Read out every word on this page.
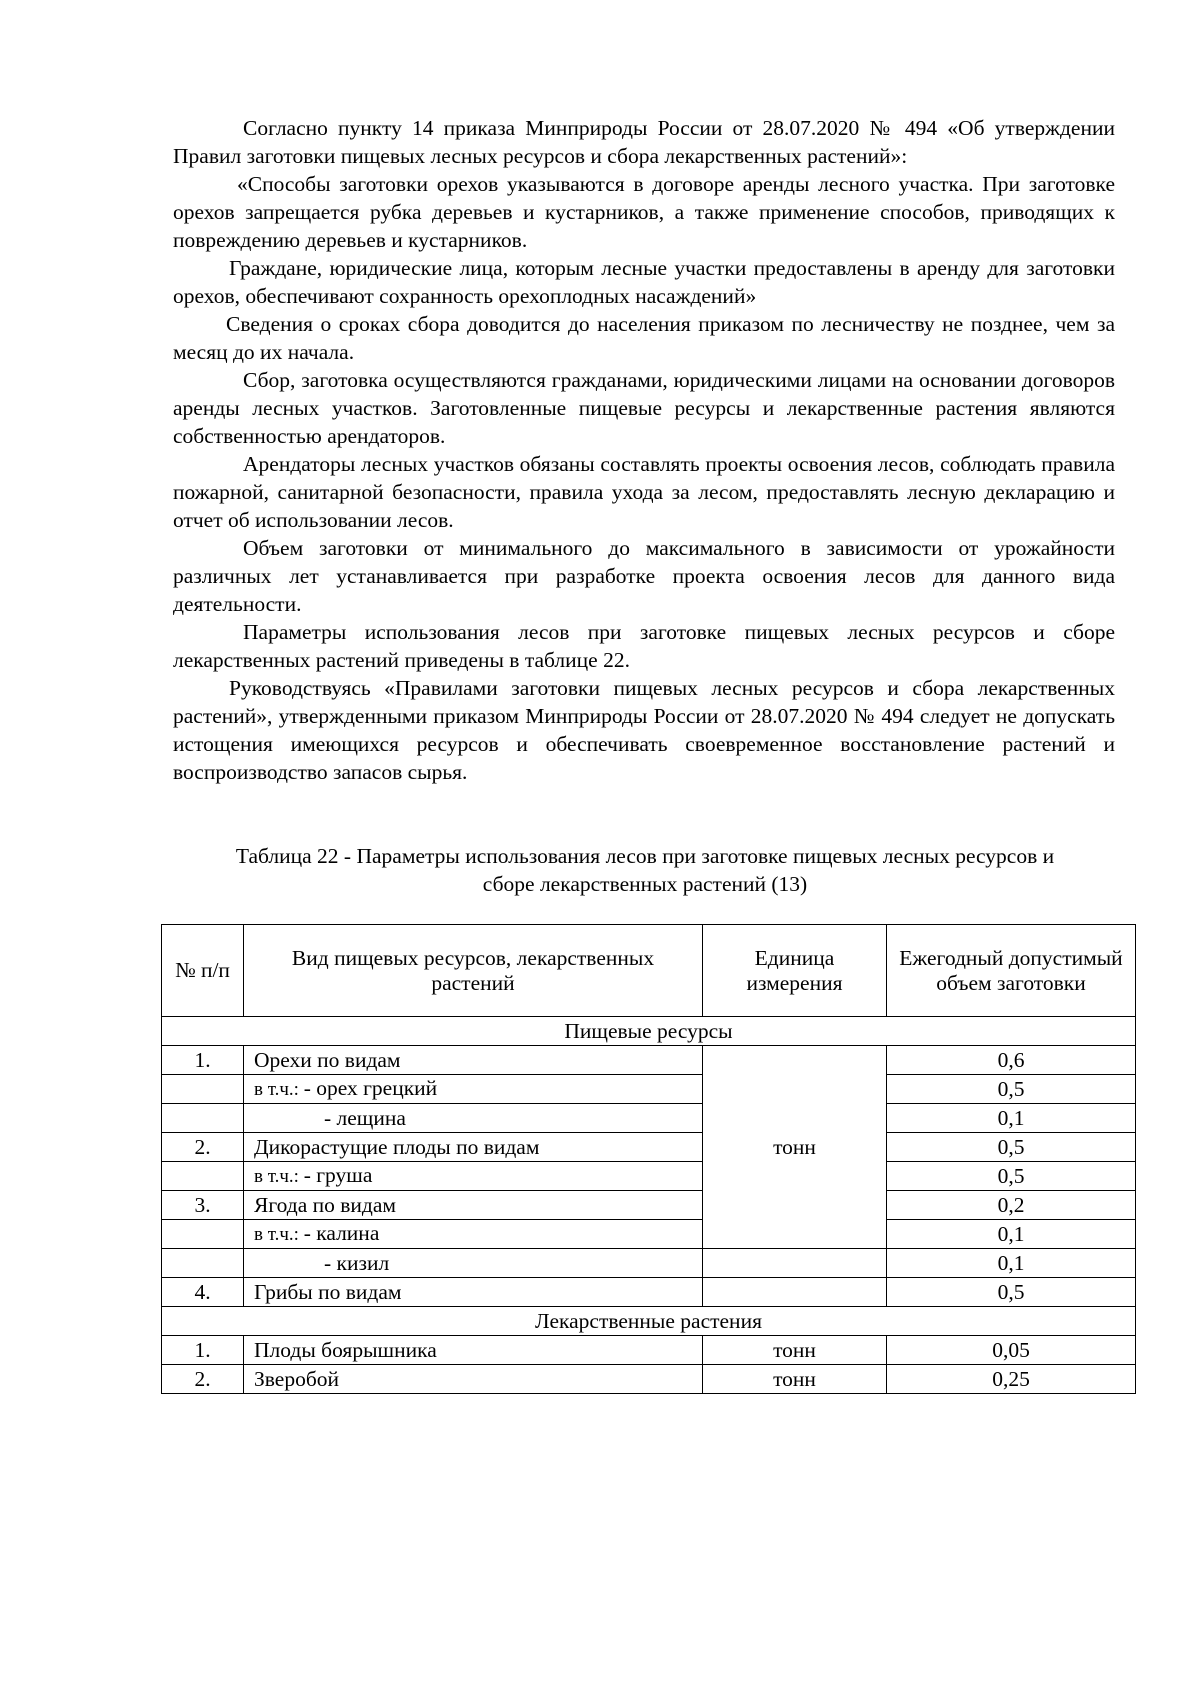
Согласно пункту 14 приказа Минприроды России от 28.07.2020 № 494 «Об утверждении Правил заготовки пищевых лесных ресурсов и сбора лекарственных растений»:

«Способы заготовки орехов указываются в договоре аренды лесного участка. При заготовке орехов запрещается рубка деревьев и кустарников, а также применение способов, приводящих к повреждению деревьев и кустарников.

Граждане, юридические лица, которым лесные участки предоставлены в аренду для заготовки орехов, обеспечивают сохранность орехоплодных насаждений»

Сведения о сроках сбора доводится до населения приказом по лесничеству не позднее, чем за месяц до их начала.

Сбор, заготовка осуществляются гражданами, юридическими лицами на основании договоров аренды лесных участков. Заготовленные пищевые ресурсы и лекарственные растения являются собственностью арендаторов.

Арендаторы лесных участков обязаны составлять проекты освоения лесов, соблюдать правила пожарной, санитарной безопасности, правила ухода за лесом, предоставлять лесную декларацию и отчет об использовании лесов.

Объем заготовки от минимального до максимального в зависимости от урожайности различных лет устанавливается при разработке проекта освоения лесов для данного вида деятельности.

Параметры использования лесов при заготовке пищевых лесных ресурсов и сборе лекарственных растений приведены в таблице 22.

Руководствуясь «Правилами заготовки пищевых лесных ресурсов и сбора лекарственных растений», утвержденными приказом Минприроды России от 28.07.2020 № 494 следует не допускать истощения имеющихся ресурсов и обеспечивать своевременное восстановление растений и воспроизводство запасов сырья.

Таблица 22 - Параметры использования лесов при заготовке пищевых лесных ресурсов и
сборе лекарственных растений (13)
№ п/п	Вид пищевых ресурсов, лекарственных растений	Единица измерения	Ежегодный допустимый объем заготовки
Пищевые ресурсы			
1.	Орехи по видам	тонн	0,6
	в т.ч.: - орех грецкий		0,5
	- лещина		0,1
2.	Дикорастущие плоды по видам		0,5
	в т.ч.: - груша		0,5
3.	Ягода по видам		0,2
	в т.ч.: - калина		0,1
	- кизил		0,1
4.	Грибы по видам		0,5
Лекарственные растения			
1.	Плоды боярышника	тонн	0,05
2.	Зверобой	тонн	0,25
